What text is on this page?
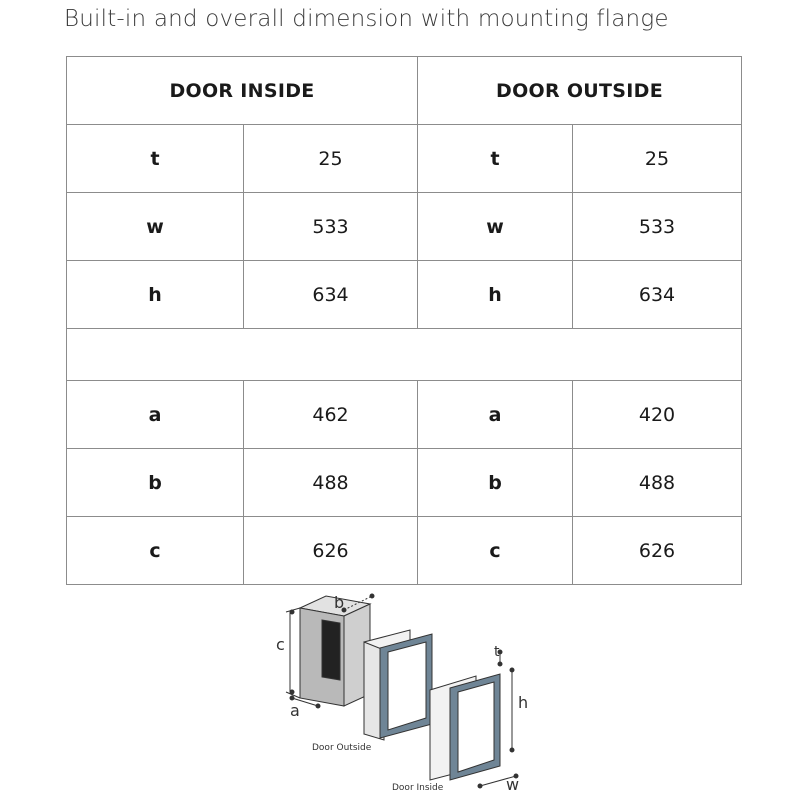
Built-in and overall dimension with mounting flange
DOOR INSIDE		DOOR OUTSIDE	
t	25	t	25
w	533	w	533
h	634	h	634

a	462	a	420
b	488	b	488
c	626	c	626
c
a
b
t
h
w
Door Outside
Door Inside
